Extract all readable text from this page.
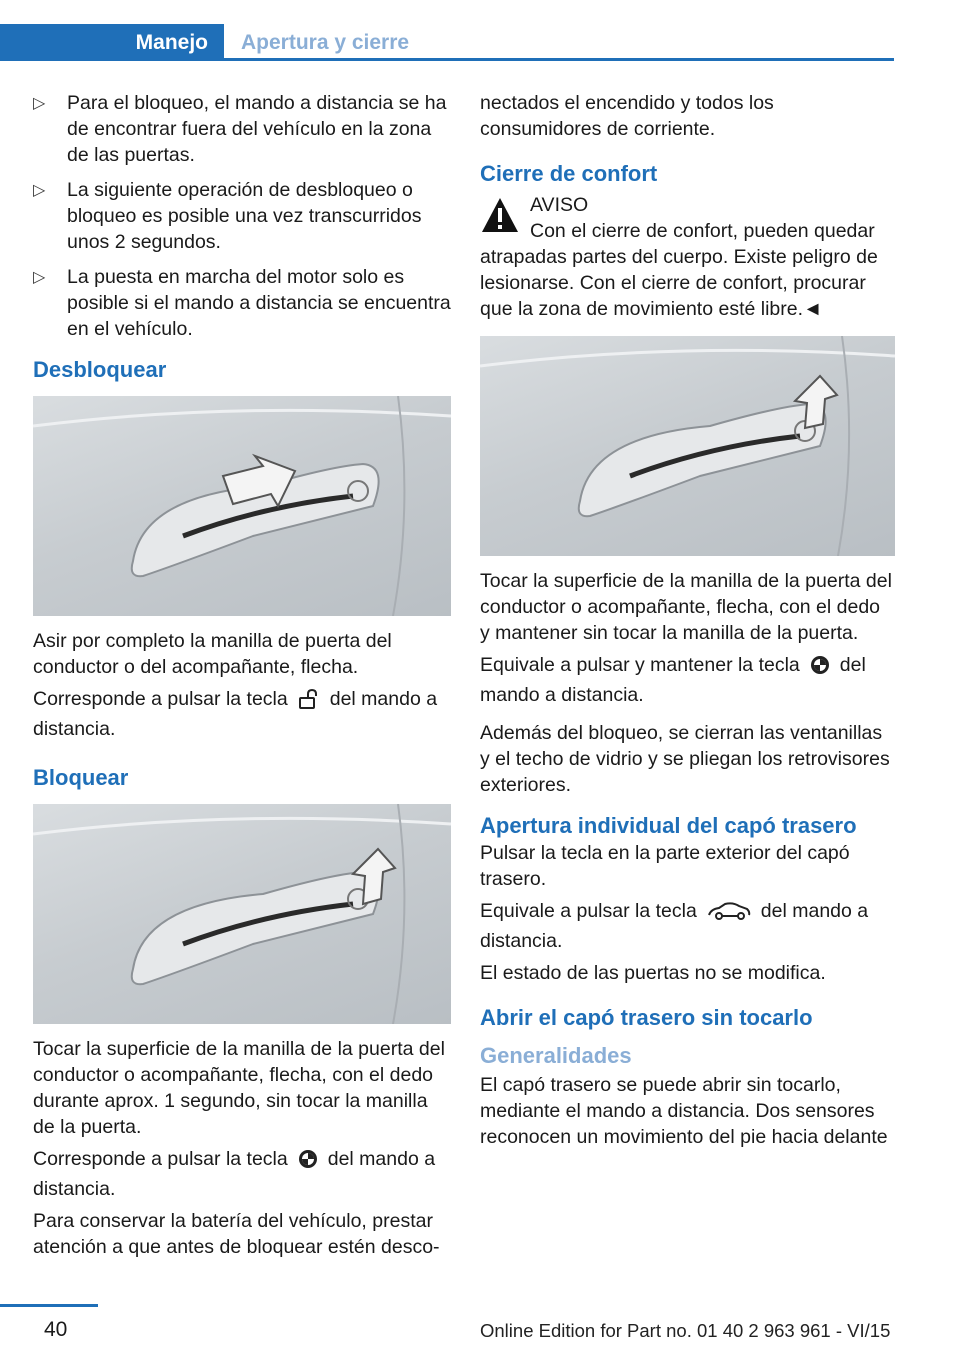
Manejo	Apertura y cierre
▷ Para el bloqueo, el mando a distancia se ha de encontrar fuera del vehículo en la zona de las puertas.
▷ La siguiente operación de desbloqueo o bloqueo es posible una vez transcurridos unos 2 segundos.
▷ La puesta en marcha del motor solo es posible si el mando a distancia se encuentra en el vehículo.
Desbloquear

Asir por completo la manilla de puerta del conductor o del acompañante, flecha.

Corresponde a pulsar la tecla del mando a distancia.

Bloquear

Tocar la superficie de la manilla de la puerta del conductor o acompañante, flecha, con el dedo durante aprox. 1 segundo, sin tocar la manilla de la puerta.

Corresponde a pulsar la tecla del mando a distancia.

Para conservar la batería del vehículo, prestar atención a que antes de bloquear estén desco-

nectados el encendido y todos los consumidores de corriente.

Cierre de confort
AVISO

Con el cierre de confort, pueden quedar atrapadas partes del cuerpo. Existe peligro de lesionarse. Con el cierre de confort, procurar que la zona de movimiento esté libre.◄

Tocar la superficie de la manilla de la puerta del conductor o acompañante, flecha, con el dedo y mantener sin tocar la manilla de la puerta.

Equivale a pulsar y mantener la tecla del mando a distancia.

Además del bloqueo, se cierran las ventanillas y el techo de vidrio y se pliegan los retrovisores exteriores.

Apertura individual del capó trasero

Pulsar la tecla en la parte exterior del capó trasero.

Equivale a pulsar la tecla	del mando a distancia.

El estado de las puertas no se modifica.

Abrir el capó trasero sin tocarlo
Generalidades

El capó trasero se puede abrir sin tocarlo, mediante el mando a distancia. Dos sensores reconocen un movimiento del pie hacia delante

40	Online Edition for Part no. 01 40 2 963 961 - VI/15
